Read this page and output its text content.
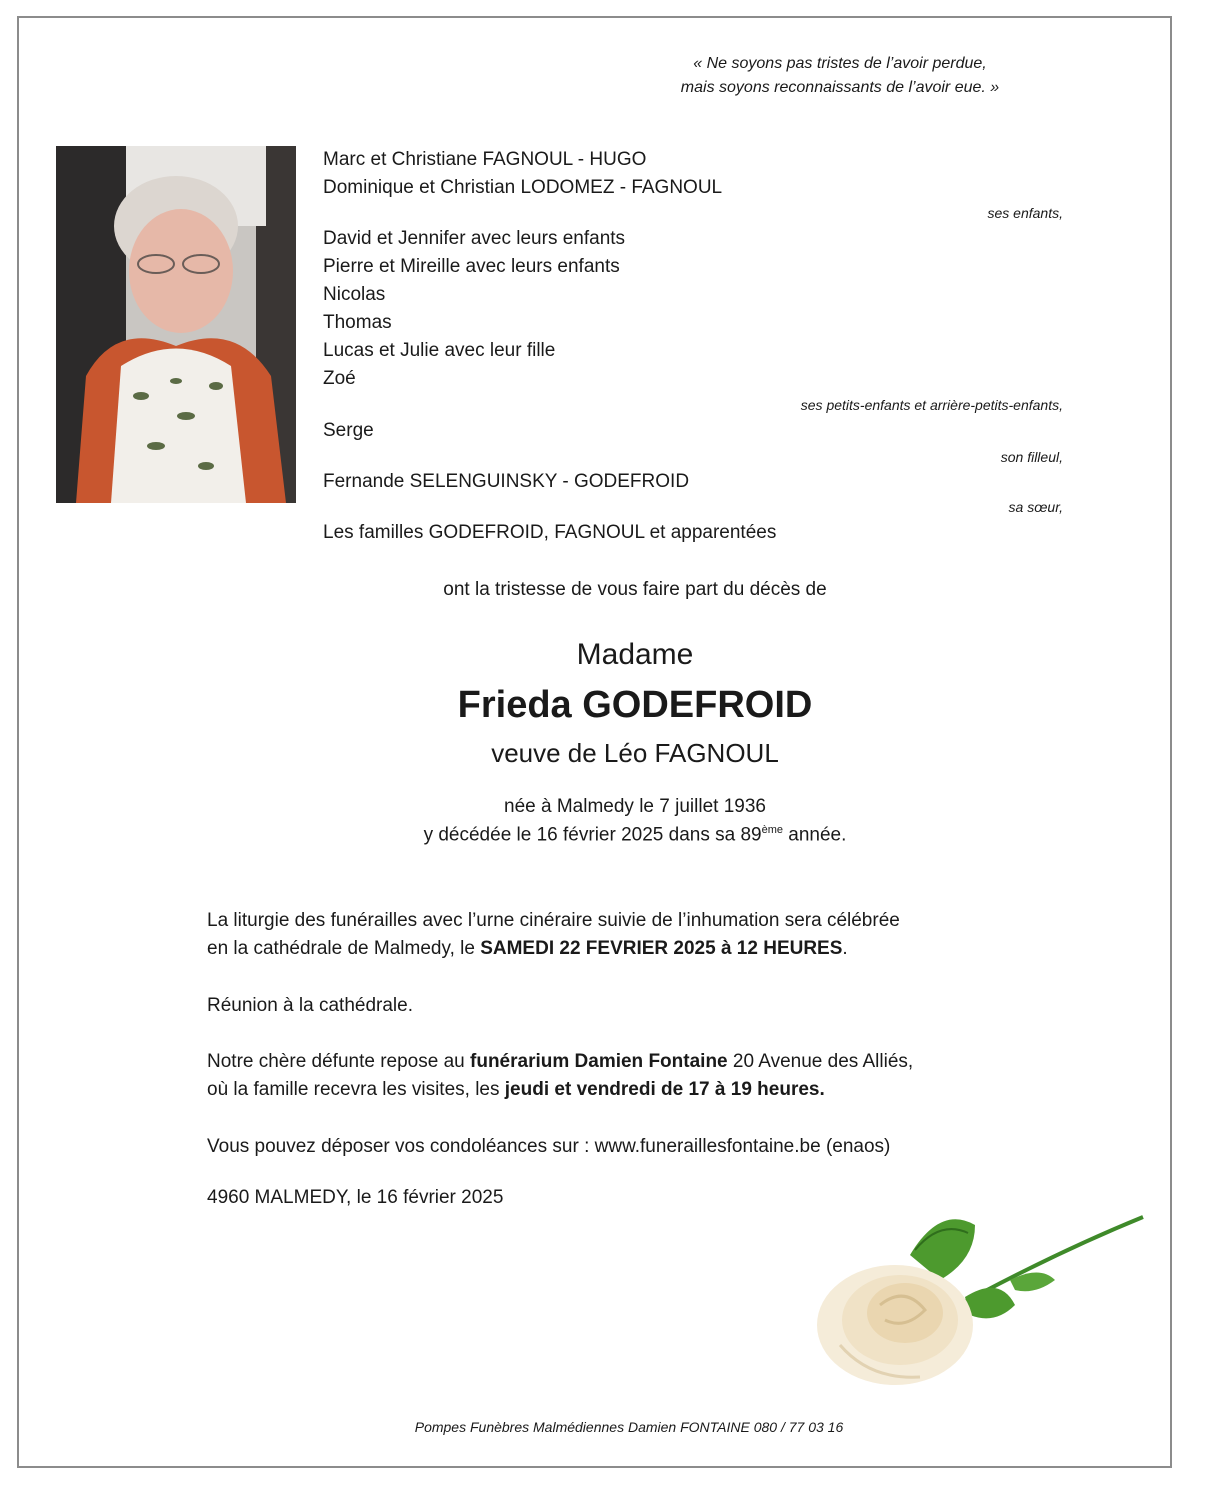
« Ne soyons pas tristes de l’avoir perdue,
mais soyons reconnaissants de l’avoir eue. »
Marc et Christiane FAGNOUL - HUGO
Dominique et Christian LODOMEZ - FAGNOUL
ses enfants,
David et Jennifer avec leurs enfants
Pierre et Mireille avec leurs enfants
Nicolas
Thomas
Lucas et Julie avec leur fille
Zoé
ses petits-enfants et arrière-petits-enfants,
Serge
son filleul,
Fernande SELENGUINSKY - GODEFROID
sa sœur,
Les familles GODEFROID, FAGNOUL et apparentées
ont la tristesse de vous faire part du décès de
Madame
Frieda GODEFROID
veuve de Léo FAGNOUL
née à Malmedy le 7 juillet 1936
y décédée le 16 février 2025 dans sa 89ème année.
La liturgie des funérailles avec l’urne cinéraire suivie de l’inhumation sera célébrée
en la cathédrale de Malmedy, le SAMEDI 22 FEVRIER 2025 à 12 HEURES.
Réunion à la cathédrale.
Notre chère défunte repose au funérarium Damien Fontaine 20 Avenue des Alliés,
où la famille recevra les visites, les jeudi et vendredi de 17 à 19 heures.
Vous pouvez déposer vos condoléances sur : www.funeraillesfontaine.be (enaos)
4960 MALMEDY, le 16 février 2025
Pompes Funèbres Malmédiennes Damien FONTAINE 080 / 77 03 16
